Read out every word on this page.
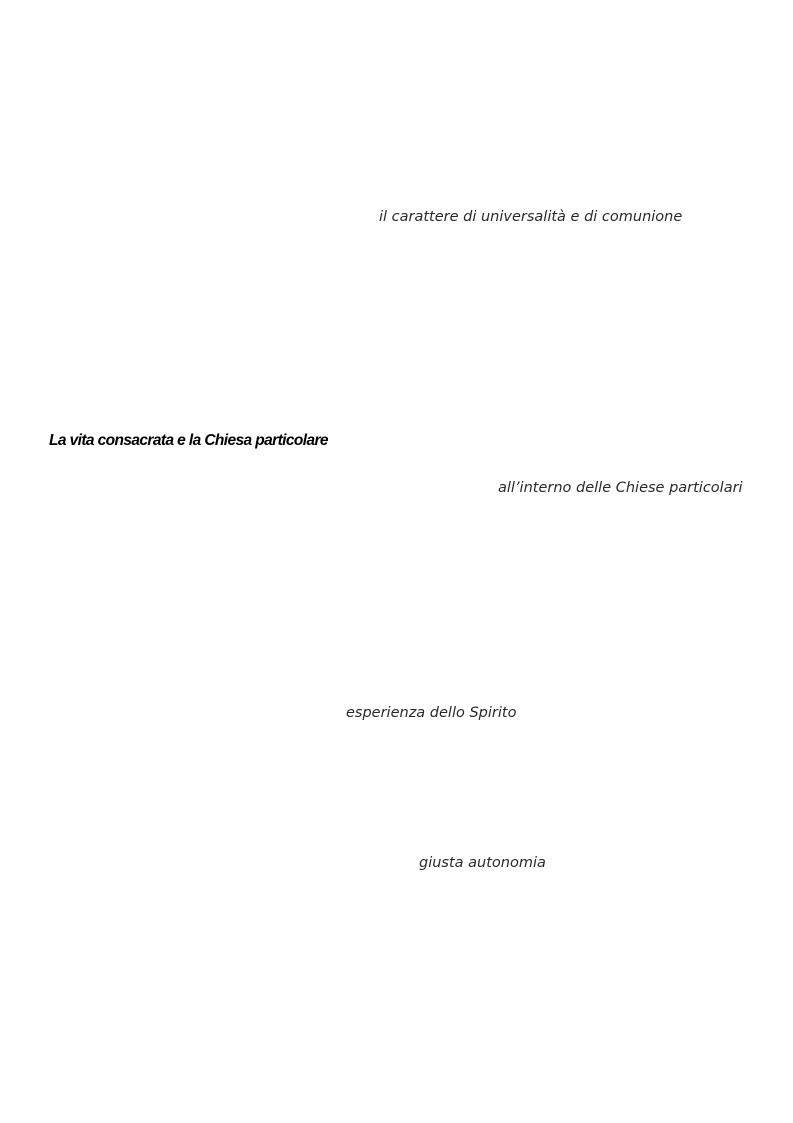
il carattere di universalità e di comunione
La vita consacrata e la Chiesa particolare
all’interno delle Chiese particolari
esperienza dello Spirito
giusta autonomia
